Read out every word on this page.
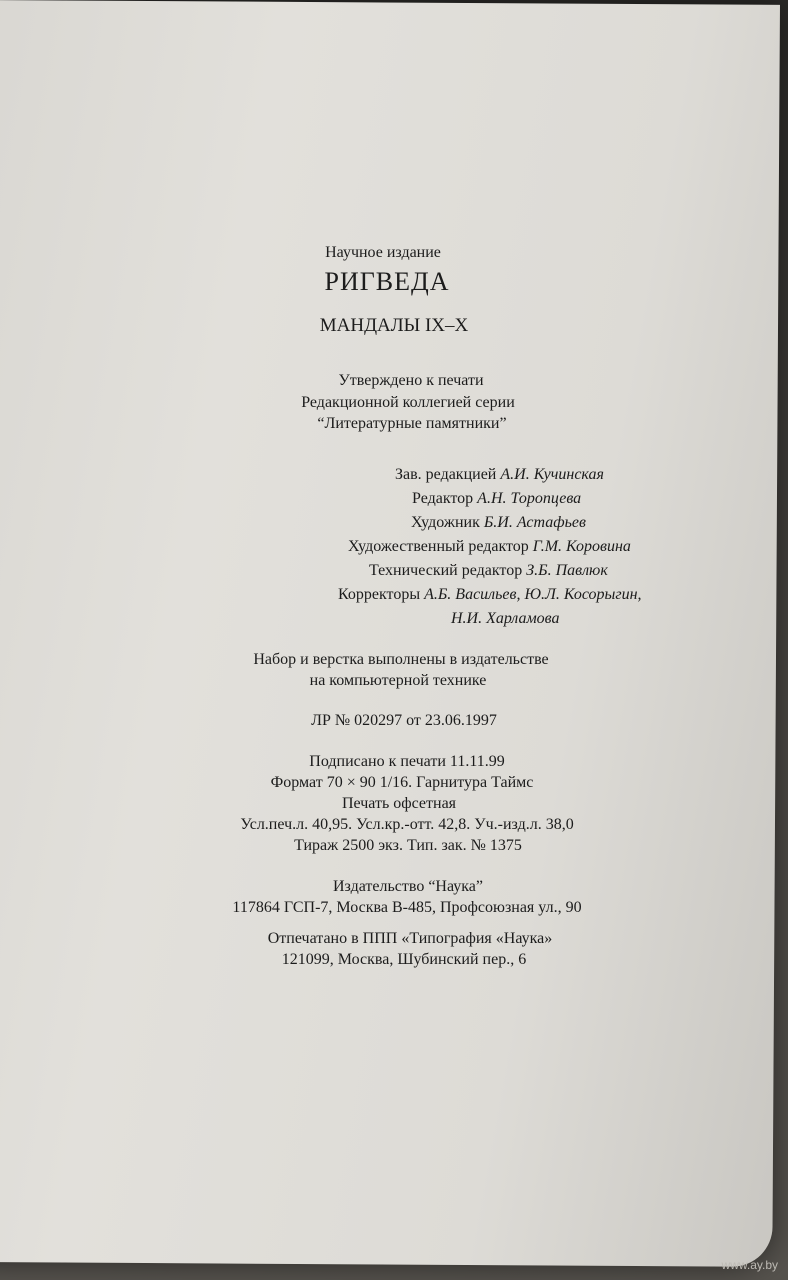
Научное издание
РИГВЕДА
МАНДАЛЫ IX–X
Утверждено к печати
Редакционной коллегией серии
“Литературные памятники”
Зав. редакцией А.И. Кучинская
Редактор А.Н. Торопцева
Художник Б.И. Астафьев
Художественный редактор Г.М. Коровина
Технический редактор З.Б. Павлюк
Корректоры А.Б. Васильев, Ю.Л. Косорыгин,
Н.И. Харламова
Набор и верстка выполнены в издательстве
на компьютерной технике
ЛР № 020297 от 23.06.1997
Подписано к печати 11.11.99
Формат 70 × 90 1/16. Гарнитура Таймс
Печать офсетная
Усл.печ.л. 40,95. Усл.кр.-отт. 42,8. Уч.-изд.л. 38,0
Тираж 2500 экз. Тип. зак. № 1375
Издательство “Наука”
117864 ГСП-7, Москва В-485, Профсоюзная ул., 90
Отпечатано в ППП «Типография «Наука»
121099, Москва, Шубинский пер., 6
www.ay.by
